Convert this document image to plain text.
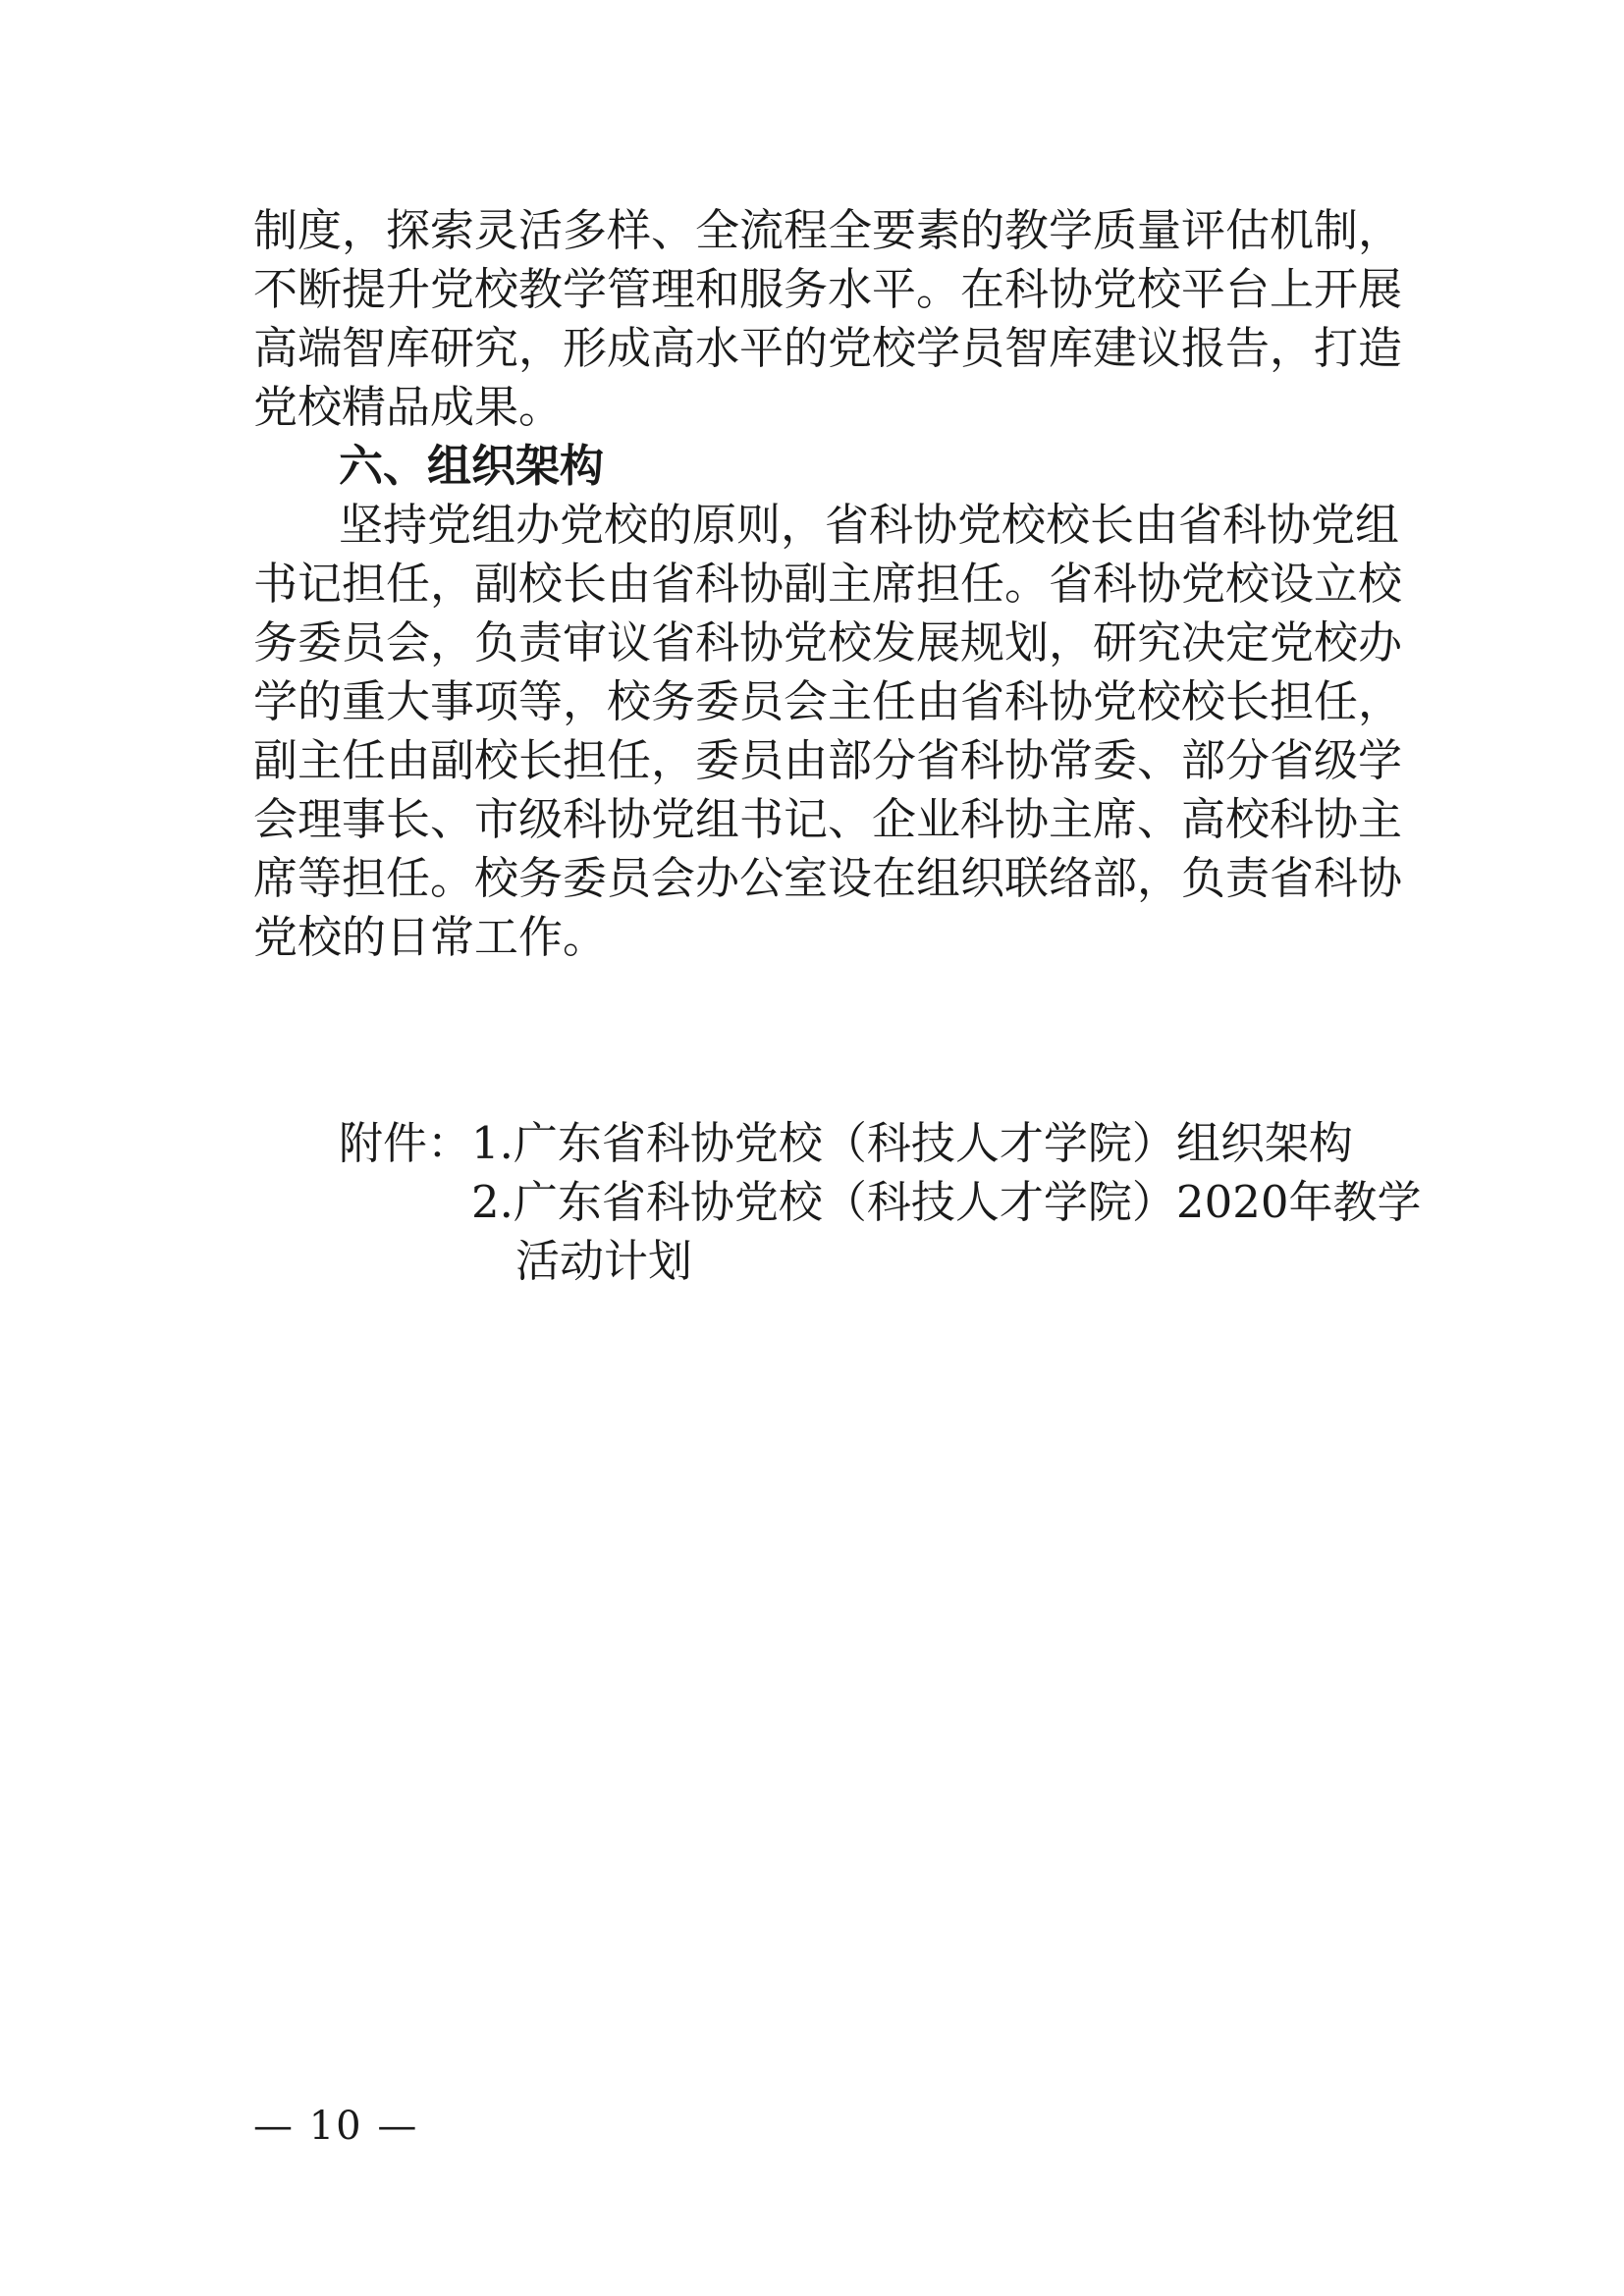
制度，探索灵活多样、全流程全要素的教学质量评估机制，
不断提升党校教学管理和服务水平。在科协党校平台上开展
高端智库研究，形成高水平的党校学员智库建议报告，打造
党校精品成果。
六、组织架构
坚持党组办党校的原则，省科协党校校长由省科协党组
书记担任，副校长由省科协副主席担任。省科协党校设立校
务委员会，负责审议省科协党校发展规划，研究决定党校办
学的重大事项等，校务委员会主任由省科协党校校长担任，
副主任由副校长担任，委员由部分省科协常委、部分省级学
会理事长、市级科协党组书记、企业科协主席、高校科协主
席等担任。校务委员会办公室设在组织联络部，负责省科协
党校的日常工作。
附件： 1.广东省科协党校（科技人才学院）组织架构
2.广东省科协党校（科技人才学院）2020年教学
活动计划
— 10 —
